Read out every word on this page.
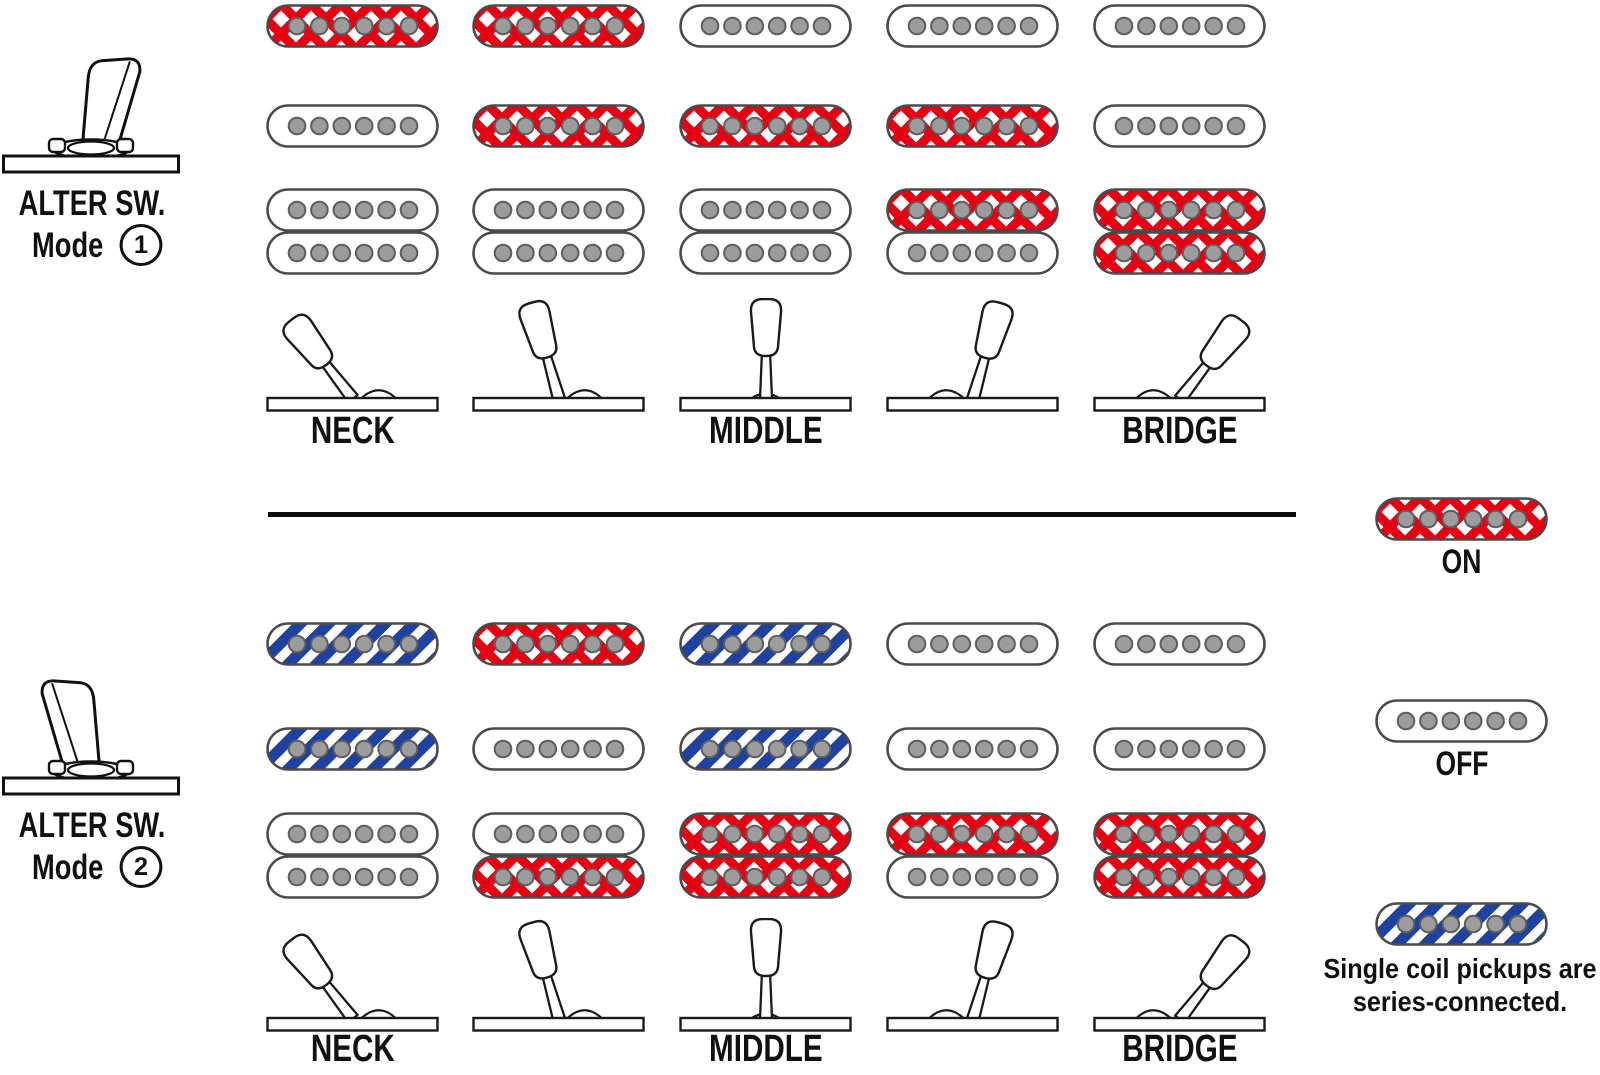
ALTER SW.
Mode	1
NECK	MIDDLE	BRIDGE
ALTER SW.
Mode	2
NECK	MIDDLE	BRIDGE
ON
OFF
Single coil pickups are series-connected.
